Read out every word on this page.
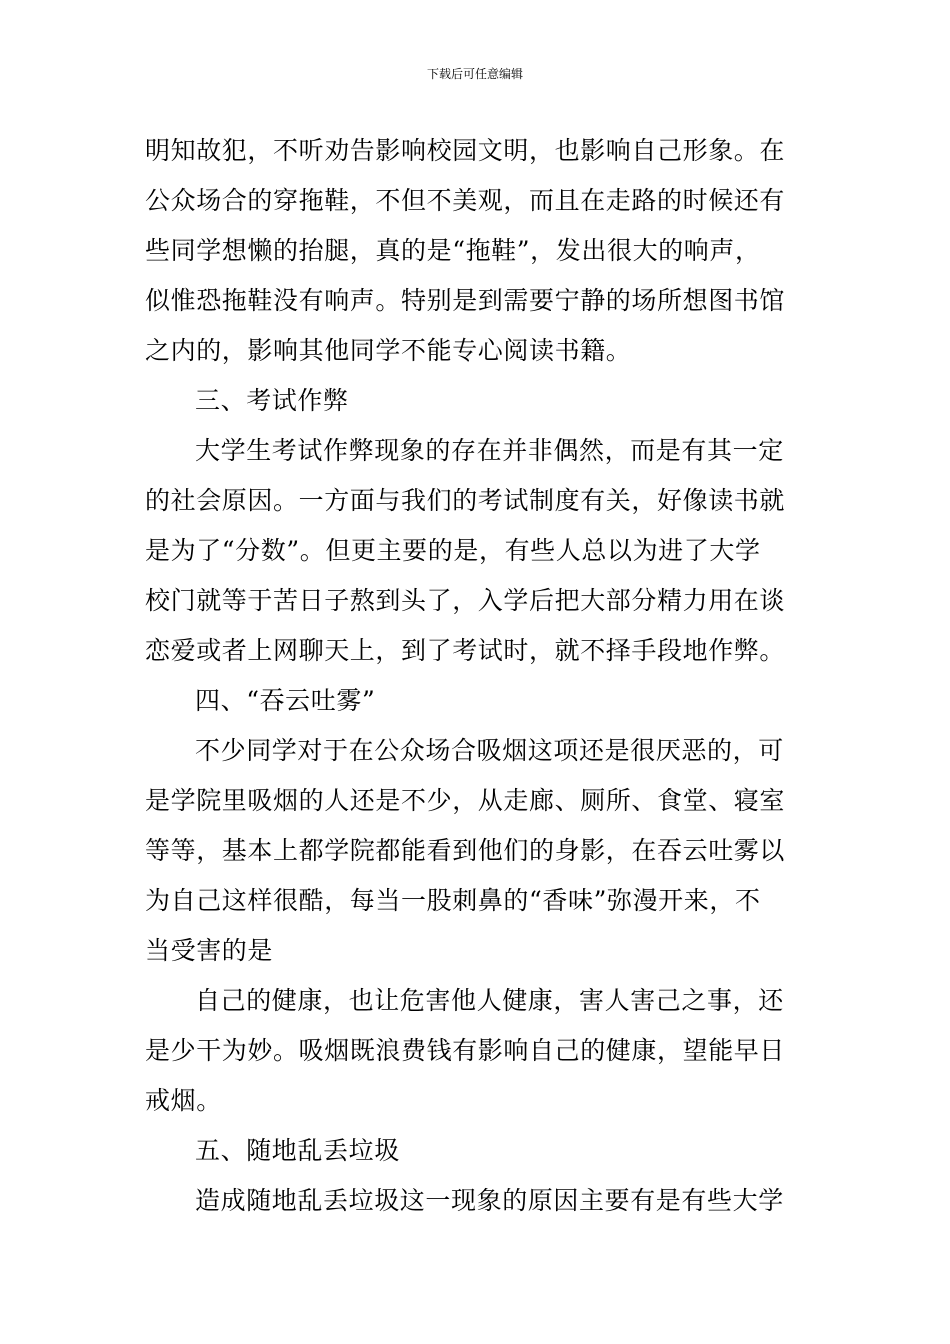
下载后可任意编辑
明知故犯，不听劝告影响校园文明，也影响自己形象。在
公众场合的穿拖鞋，不但不美观，而且在走路的时候还有
些同学想懒的抬腿，真的是“拖鞋”，发出很大的响声，
似惟恐拖鞋没有响声。特别是到需要宁静的场所想图书馆
之内的，影响其他同学不能专心阅读书籍。
三、考试作弊
大学生考试作弊现象的存在并非偶然，而是有其一定
的社会原因。一方面与我们的考试制度有关，好像读书就
是为了“分数”。但更主要的是，有些人总以为进了大学
校门就等于苦日子熬到头了，入学后把大部分精力用在谈
恋爱或者上网聊天上，到了考试时，就不择手段地作弊。
四、“吞云吐雾”
不少同学对于在公众场合吸烟这项还是很厌恶的，可
是学院里吸烟的人还是不少，从走廊、厕所、食堂、寝室
等等，基本上都学院都能看到他们的身影，在吞云吐雾以
为自己这样很酷，每当一股刺鼻的“香味”弥漫开来，不
当受害的是
自己的健康，也让危害他人健康，害人害己之事，还
是少干为妙。吸烟既浪费钱有影响自己的健康，望能早日
戒烟。
五、随地乱丢垃圾
造成随地乱丢垃圾这一现象的原因主要有是有些大学
